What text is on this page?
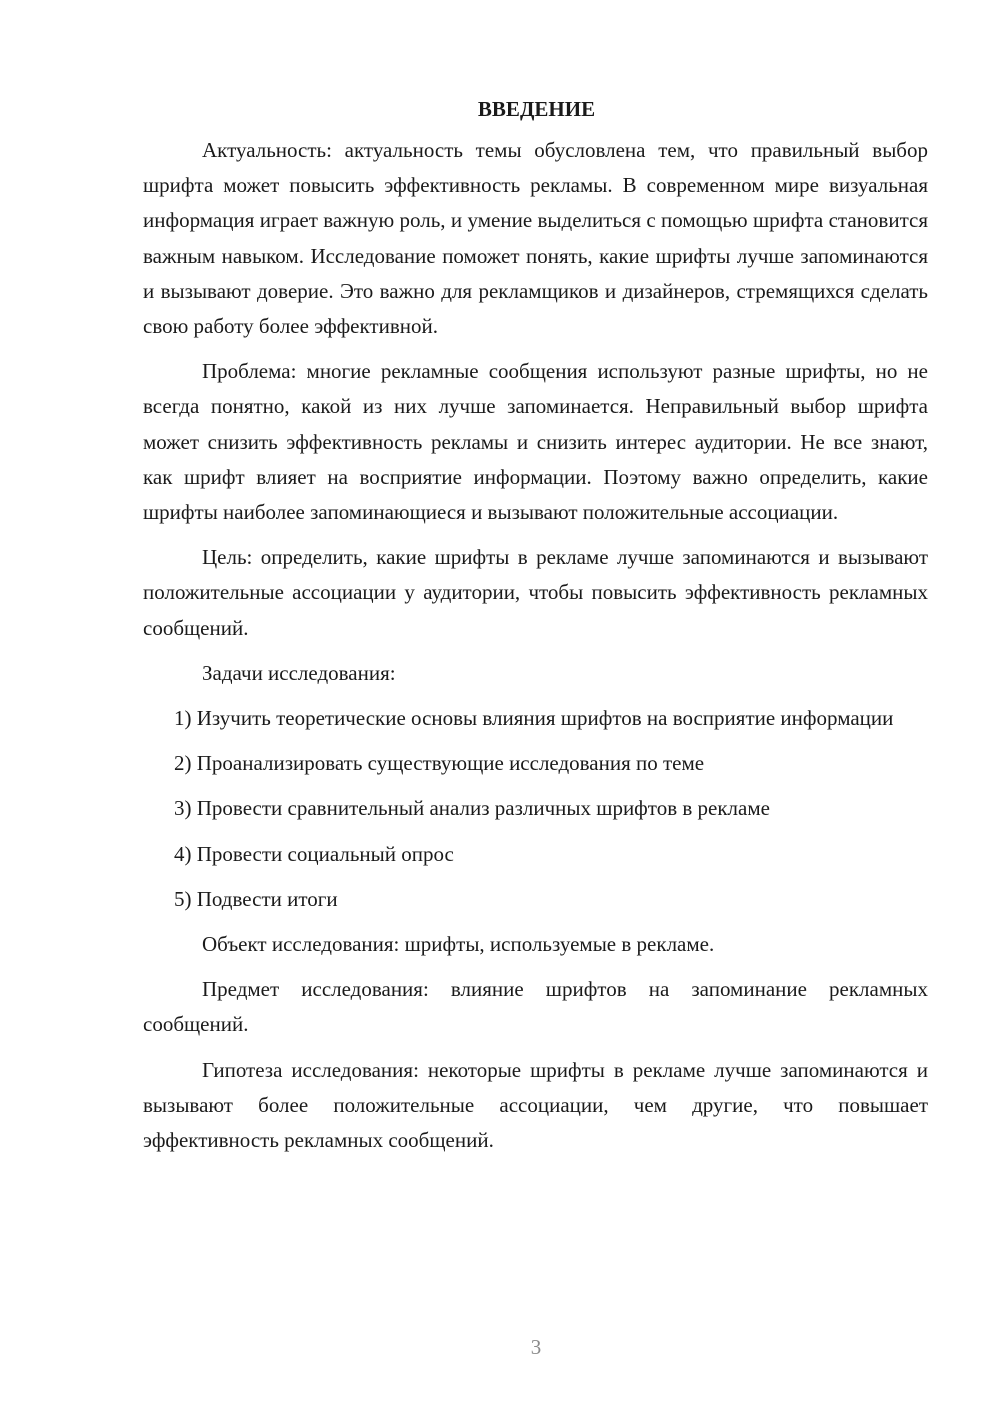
ВВЕДЕНИЕ

Актуальность: актуальность темы обусловлена тем, что правильный выбор шрифта может повысить эффективность рекламы. В современном мире визуальная информация играет важную роль, и умение выделиться с помощью шрифта становится важным навыком. Исследование поможет понять, какие шрифты лучше запоминаются и вызывают доверие. Это важно для рекламщиков и дизайнеров, стремящихся сделать свою работу более эффективной.

Проблема: многие рекламные сообщения используют разные шрифты, но не всегда понятно, какой из них лучше запоминается. Неправильный выбор шрифта может снизить эффективность рекламы и снизить интерес аудитории. Не все знают, как шрифт влияет на восприятие информации. Поэтому важно определить, какие шрифты наиболее запоминающиеся и вызывают положительные ассоциации.

Цель: определить, какие шрифты в рекламе лучше запоминаются и вызывают положительные ассоциации у аудитории, чтобы повысить эффективность рекламных сообщений.

Задачи исследования:

1) Изучить теоретические основы влияния шрифтов на восприятие информации
2) Проанализировать существующие исследования по теме
3) Провести сравнительный анализ различных шрифтов в рекламе
4) Провести социальный опрос
5) Подвести итоги

Объект исследования: шрифты, используемые в рекламе.

Предмет исследования: влияние шрифтов на запоминание рекламных сообщений.

Гипотеза исследования: некоторые шрифты в рекламе лучше запоминаются и вызывают более положительные ассоциации, чем другие, что повышает эффективность рекламных сообщений.

3
